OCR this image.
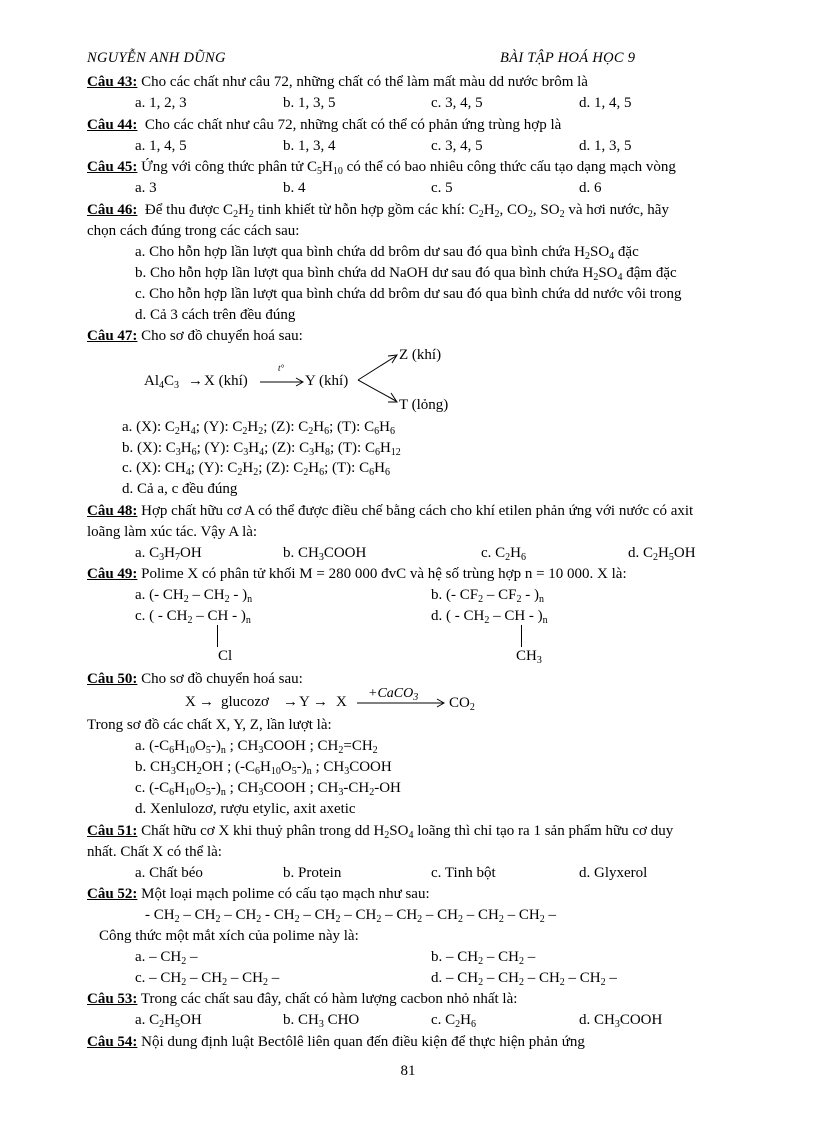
NGUYỄN ANH DŨNG	BÀI TẬP HOÁ HỌC 9
Câu 43: Cho các chất như câu 72, những chất có thể làm mất màu dd nước brôm là
a. 1, 2, 3	b. 1, 3, 5	c. 3, 4, 5	d. 1, 4, 5
Câu 44: Cho các chất như câu 72, những chất có thể có phản ứng trùng hợp là
a. 1, 4, 5	b. 1, 3, 4	c. 3, 4, 5	d. 1, 3, 5
Câu 45: Ứng với công thức phân tử $C_5H_{10}$ có thể có bao nhiêu công thức cấu tạo dạng mạch vòng
a. 3	b. 4	c. 5	d. 6
Câu 46: Để thu được $C_2H_2$ tinh khiết từ hỗn hợp gồm các khí: $C_2H_2$, $CO_2$, $SO_2$ và hơi nước, hãy
chọn cách đúng trong các cách sau:
a. Cho hỗn hợp lần lượt qua bình chứa dd brôm dư sau đó qua bình chứa $H_2SO_4$ đặc
b. Cho hỗn hợp lần lượt qua bình chứa dd NaOH dư sau đó qua bình chứa $H_2SO_4$ đậm đặc
c. Cho hỗn hợp lần lượt qua bình chứa dd brôm dư sau đó qua bình chứa dd nước vôi trong
d. Cả 3 cách trên đều đúng
Câu 47: Cho sơ đồ chuyển hoá sau:
$Al_4C_3 \to X$ (khí)
t°
Y (khí)
Z (khí)
T (lỏng)
a. (X): $C_2H_4$; (Y): $C_2H_2$; (Z): $C_2H_6$; (T): $C_6H_6$
b. (X): $C_3H_6$; (Y): $C_3H_4$; (Z): $C_3H_8$; (T): $C_6H_{12}$
c. (X): $CH_4$; (Y): $C_2H_2$; (Z): $C_2H_6$; (T): $C_6H_6$
d. Cả a, c đều đúng
Câu 48: Hợp chất hữu cơ A có thể được điều chế bằng cách cho khí etilen phản ứng với nước có axit
loãng làm xúc tác. Vậy A là:
a. $C_3H_7OH$	b. $CH_3COOH$	c. $C_2H_6$	d. $C_2H_5OH$
Câu 49: Polime X có phân tử khối M = 280 000 đvC và hệ số trùng hợp n = 10 000. X là:
a. (- $CH_2 - CH_2 - )_n$	b. (- $CF_2 - CF_2 - )_n$
c. ( - $CH_2$ – CH - )$_n$	d. ( - $CH_2$ – CH - )$_n$
Cl	$CH_3$
Câu 50: Cho sơ đồ chuyển hoá sau:
X → glucozơ → Y → X
+CaCO$_3$ $CO_2$
Trong sơ đồ các chất X, Y, Z, lần lượt là:
a. $(-C_6H_{10}O_5-)_n$ ; $CH_3COOH$ ; $CH_2=CH_2$
b. $CH_3CH_2OH$ ; $(-C_6H_{10}O_5-)_n$ ; $CH_3COOH$
c. $(-C_6H_{10}O_5-)_n$ ; $CH_3COOH$ ; $CH_3-CH_2-OH$
d. Xenlulozơ, rượu etylic, axit axetic
Câu 51: Chất hữu cơ X khi thuỷ phân trong dd $H_2SO_4$ loãng thì chỉ tạo ra 1 sản phẩm hữu cơ duy
nhất. Chất X có thể là:
a. Chất béo	b. Protein	c. Tinh bột	d. Glyxerol
Câu 52: Một loại mạch polime có cấu tạo mạch như sau:
- $CH_2 - CH_2 - CH_2 - CH_2 - CH_2 - CH_2 - CH_2 - CH_2 - CH_2 - CH_2$ –
Công thức một mắt xích của polime này là:
a. – $CH_2$ –	b. – $CH_2 - CH_2$ –
c. – $CH_2 - CH_2 - CH_2$ –	d. – $CH_2 - CH_2 - CH_2 - CH_2$ –
Câu 53: Trong các chất sau đây, chất có hàm lượng cacbon nhỏ nhất là:
a. $C_2H_5OH$	b. $CH_3$ CHO	c. $C_2H_6$	d. $CH_3COOH$
Câu 54: Nội dung định luật Bectôlê liên quan đến điều kiện để thực hiện phản ứng
81
